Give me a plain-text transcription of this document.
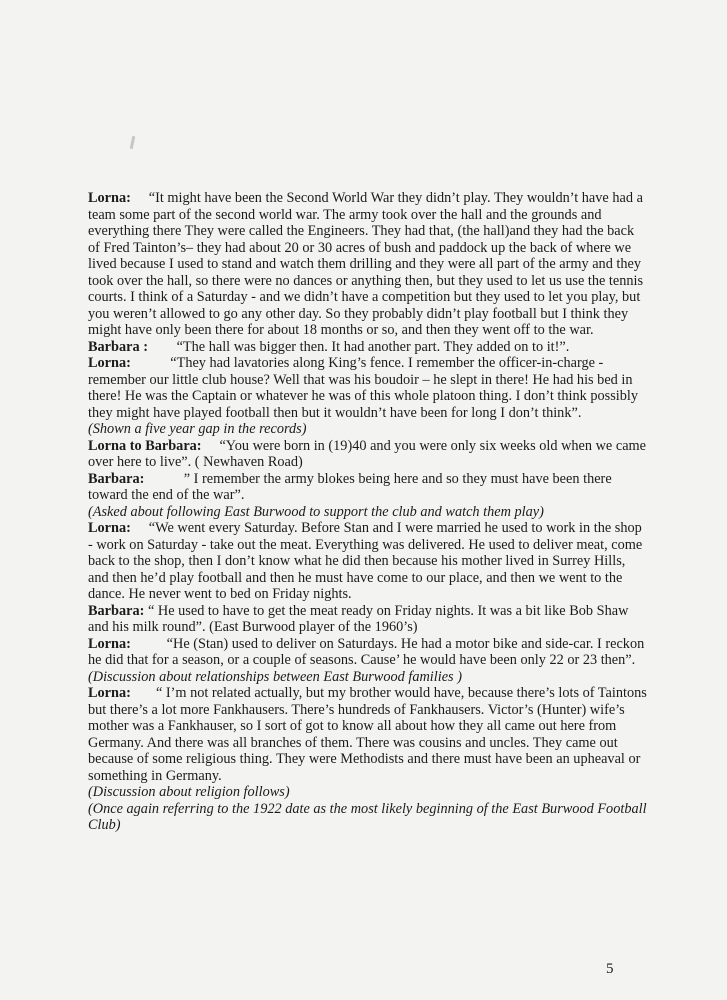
Lorna: “It might have been the Second World War they didn’t play. They wouldn’t have had a team some part of the second world war. The army took over the hall and the grounds and everything there They were called the Engineers. They had that, (the hall)and they had the back of Fred Tainton’s– they had about 20 or 30 acres of bush and paddock up the back of where we lived because I used to stand and watch them drilling and they were all part of the army and they took over the hall, so there were no dances or anything then, but they used to let us use the tennis courts. I think of a Saturday - and we didn’t have a competition but they used to let you play, but you weren’t allowed to go any other day. So they probably didn’t play football but I think they might have only been there for about 18 months or so, and then they went off to the war.

Barbara : “The hall was bigger then. It had another part. They added on to it!”.

Lorna:	“They had lavatories along King’s fence. I remember the officer-in-charge - remember our little club house? Well that was his boudoir – he slept in there! He had his bed in there! He was the Captain or whatever he was of this whole platoon thing. I don’t think possibly they might have played football then but it wouldn’t have been for long I don’t think”.

(Shown a five year gap in the records)

Lorna to Barbara: “You were born in (19)40 and you were only six weeks old when we came over here to live”. ( Newhaven Road)

Barbara:	” I remember the army blokes being here and so they must have been there toward the end of the war”.

(Asked about following East Burwood to support the club and watch them play)

Lorna: “We went every Saturday. Before Stan and I were married he used to work in the shop - work on Saturday - take out the meat. Everything was delivered. He used to deliver meat, come back to the shop, then I don’t know what he did then because his mother lived in Surrey Hills, and then he’d play football and then he must have come to our place, and then we went to the dance. He never went to bed on Friday nights.

Barbara: “ He used to have to get the meat ready on Friday nights. It was a bit like Bob Shaw and his milk round”. (East Burwood player of the 1960’s)

Lorna:	“He (Stan) used to deliver on Saturdays. He had a motor bike and side-car. I reckon he did that for a season, or a couple of seasons. Cause’ he would have been only 22 or 23 then”.

(Discussion about relationships between East Burwood families )

Lorna: “ I’m not related actually, but my brother would have, because there’s lots of Taintons but there’s a lot more Fankhausers. There’s hundreds of Fankhausers. Victor’s (Hunter) wife’s mother was a Fankhauser, so I sort of got to know all about how they all came out here from Germany. And there was all branches of them. There was cousins and uncles. They came out because of some religious thing. They were Methodists and there must have been an upheaval or something in Germany.

(Discussion about religion follows)

(Once again referring to the 1922 date as the most likely beginning of the East Burwood Football Club)

5
